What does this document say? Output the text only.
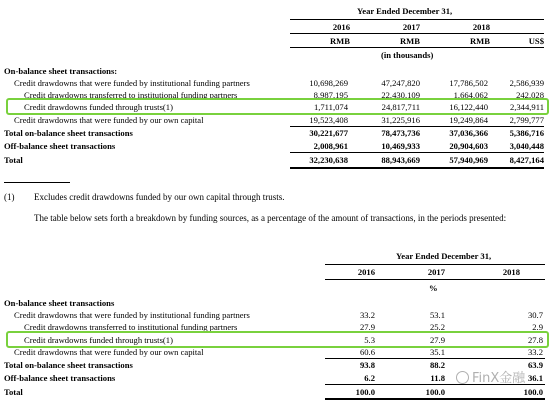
Year Ended December 31,
2016	2017	2018
RMB	RMB	RMB	US$
(in thousands)
On-balance sheet transactions:
Credit drawdowns that were funded by institutional funding partners	10,698,269	47,247,820	17,786,502	2,586,939
Credit drawdowns transferred to institutional funding partners	8,987,195	22,430,109	1,664,062	242,028
Credit drawdowns funded through trusts(1)	1,711,074	24,817,711	16,122,440	2,344,911
Credit drawdowns that were funded by our own capital	19,523,408	31,225,916	19,249,864	2,799,777
Total on-balance sheet transactions	30,221,677	78,473,736	37,036,366	5,386,716
Off-balance sheet transactions	2,008,961	10,469,933	20,904,603	3,040,448
Total	32,230,638	88,943,669	57,940,969	8,427,164
(1) Excludes credit drawdowns funded by our own capital through trusts.
The table below sets forth a breakdown by funding sources, as a percentage of the amount of transactions, in the periods presented:
Year Ended December 31,
2016	2017	2018
%
On-balance sheet transactions
Credit drawdowns that were funded by institutional funding partners	33.2	53.1	30.7
Credit drawdowns transferred to institutional funding partners	27.9	25.2	2.9
Credit drawdowns funded through trusts(1)	5.3	27.9	27.8
Credit drawdowns that were funded by our own capital	60.6	35.1	33.2
Total on-balance sheet transactions	93.8	88.2	63.9
Off-balance sheet transactions	6.2	11.8	36.1
Total	100.0	100.0	100.0
FinX金融
